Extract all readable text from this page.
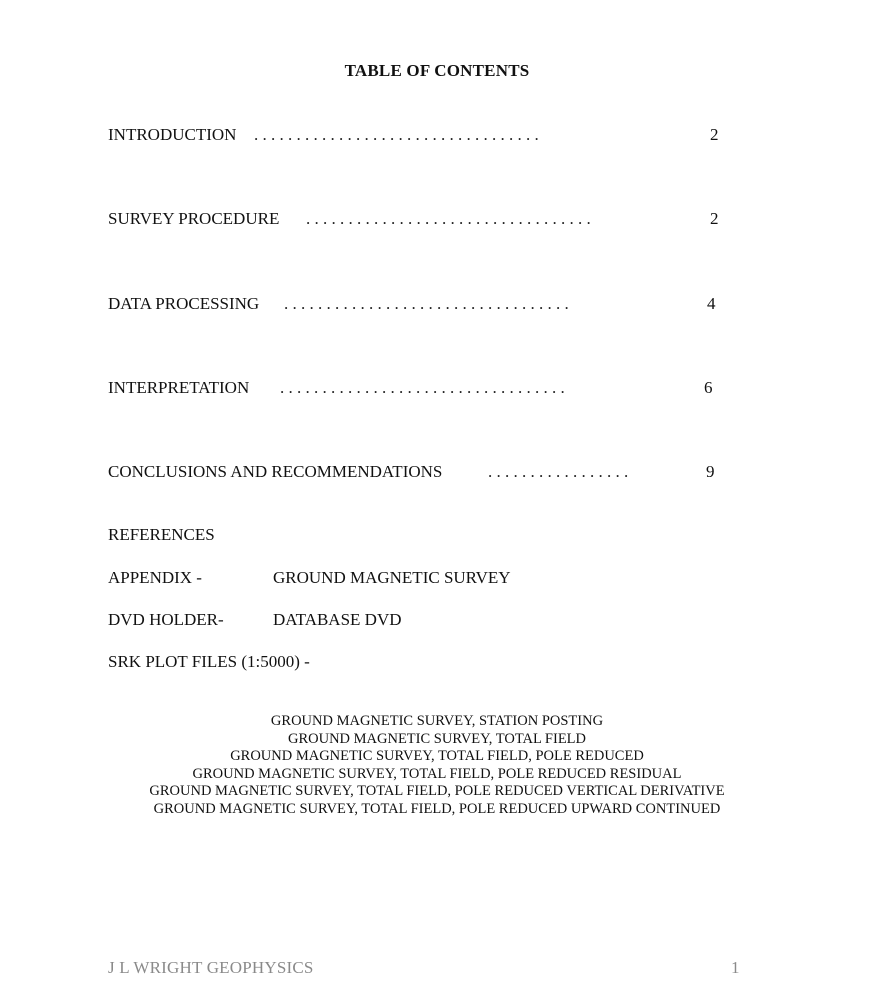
TABLE OF CONTENTS
INTRODUCTION . . . . . . . . . . . . . . . . . . . . . . . . . . . . . . . . . .	2
SURVEY PROCEDURE . . . . . . . . . . . . . . . . . . . . . . . . . . . . . . . . . .	2
DATA PROCESSING . . . . . . . . . . . . . . . . . . . . . . . . . . . . . . . . . .	4
INTERPRETATION . . . . . . . . . . . . . . . . . . . . . . . . . . . . . . . . . .	6
CONCLUSIONS AND RECOMMENDATIONS	. . . . . . . . . . . . . . . . .	9
REFERENCES
APPENDIX -	GROUND MAGNETIC SURVEY
DVD HOLDER-	DATABASE DVD
SRK PLOT FILES (1:5000) -
GROUND MAGNETIC SURVEY, STATION POSTING
GROUND MAGNETIC SURVEY, TOTAL FIELD
GROUND MAGNETIC SURVEY, TOTAL FIELD, POLE REDUCED
GROUND MAGNETIC SURVEY, TOTAL FIELD, POLE REDUCED RESIDUAL
GROUND MAGNETIC SURVEY, TOTAL FIELD, POLE REDUCED VERTICAL DERIVATIVE
GROUND MAGNETIC SURVEY, TOTAL FIELD, POLE REDUCED UPWARD CONTINUED
J L WRIGHT GEOPHYSICS	1
